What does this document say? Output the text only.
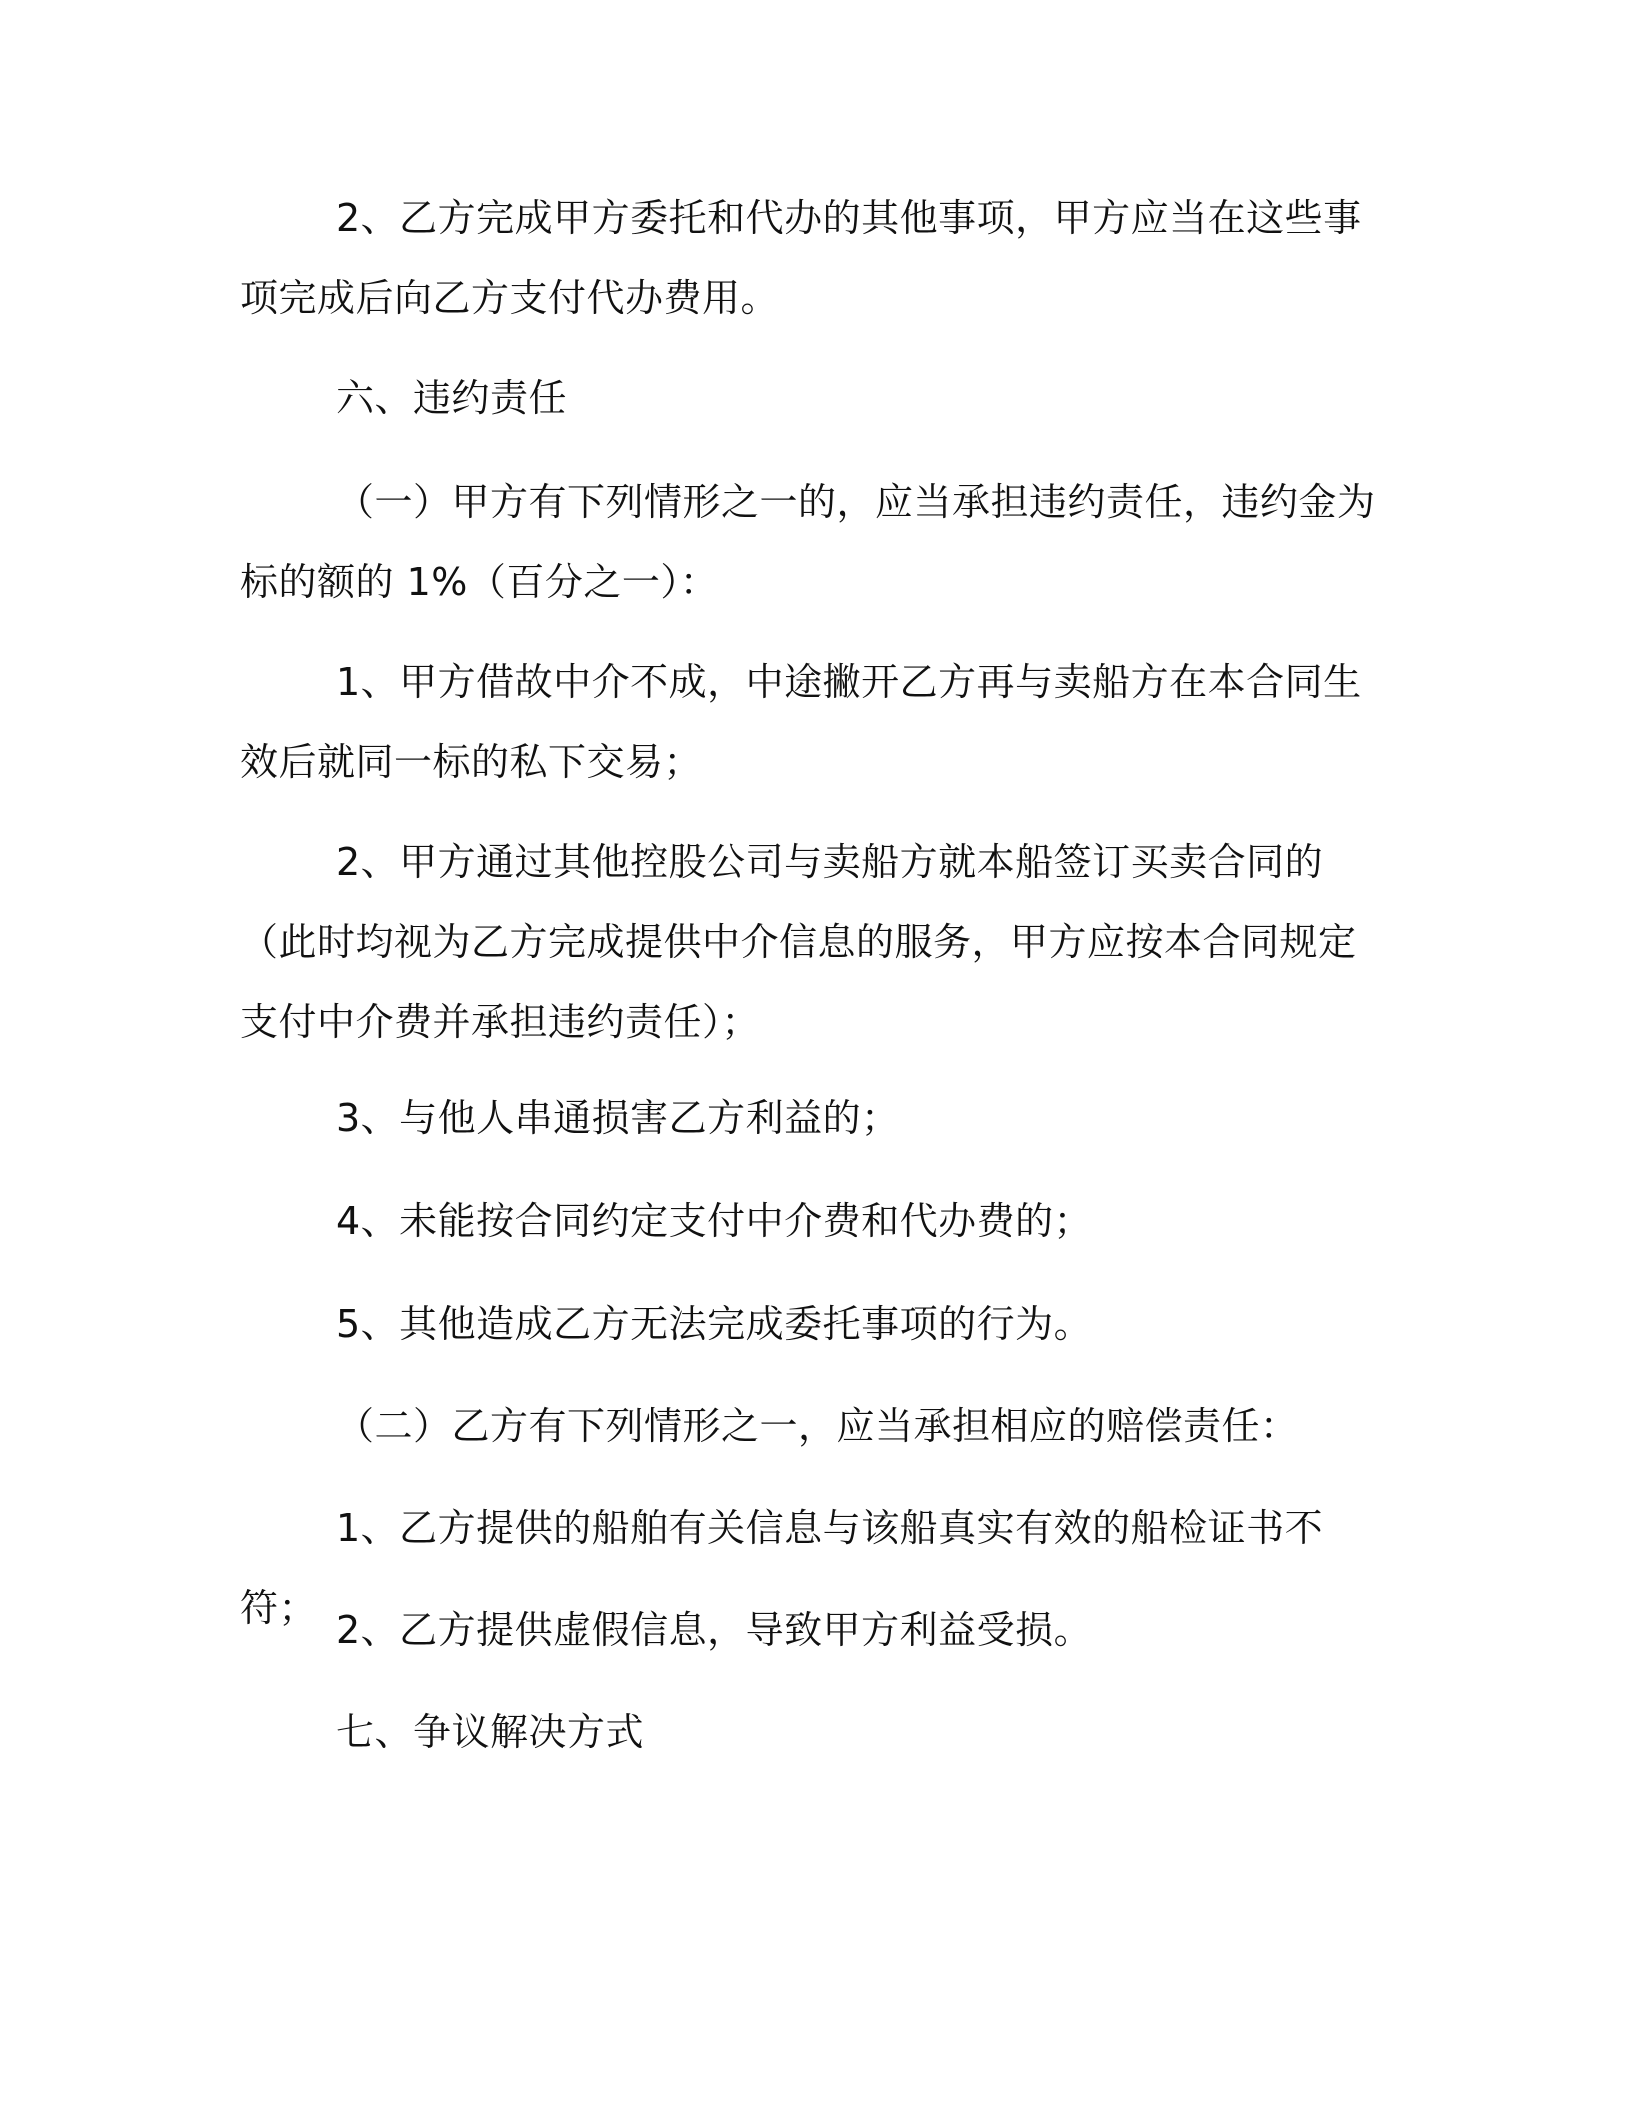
2、乙方完成甲方委托和代办的其他事项，甲方应当在这些事项完成后向乙方支付代办费用。

六、违约责任

（一）甲方有下列情形之一的，应当承担违约责任，违约金为标的额的 1%（百分之一）：

1、甲方借故中介不成，中途撇开乙方再与卖船方在本合同生效后就同一标的私下交易；

2、甲方通过其他控股公司与卖船方就本船签订买卖合同的（此时均视为乙方完成提供中介信息的服务，甲方应按本合同规定支付中介费并承担违约责任）；

3、与他人串通损害乙方利益的；

4、未能按合同约定支付中介费和代办费的；

5、其他造成乙方无法完成委托事项的行为。

（二）乙方有下列情形之一，应当承担相应的赔偿责任：

1、乙方提供的船舶有关信息与该船真实有效的船检证书不符； 2、乙方提供虚假信息，导致甲方利益受损。

七、争议解决方式
